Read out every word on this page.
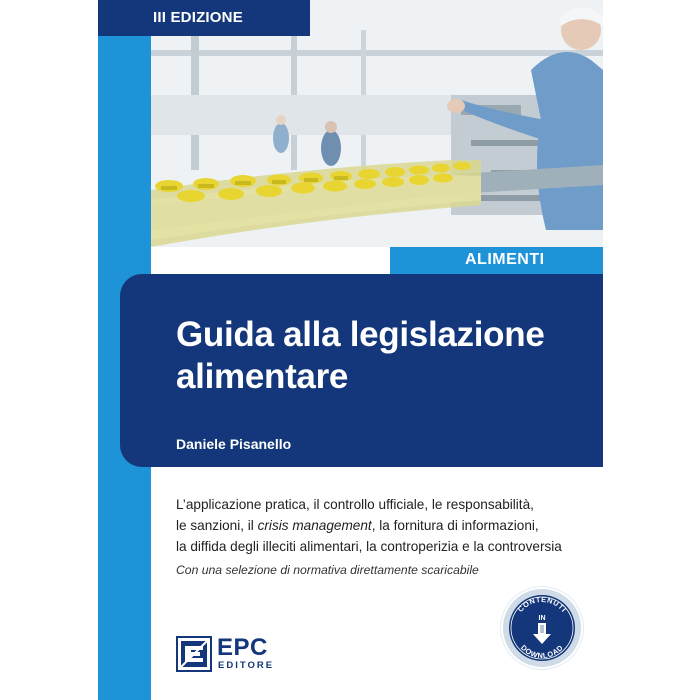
III EDIZIONE
ALIMENTI
Guida alla legislazione
alimentare
Daniele Pisanello

L’applicazione pratica, il controllo ufficiale, le responsabilità,
le sanzioni, il crisis management, la fornitura di informazioni,
la diffida degli illeciti alimentari, la controperizia e la controversia

Con una selezione di normativa direttamente scaricabile
EPC
EDITORE
CONTENUTI
IN
DOWNLOAD
